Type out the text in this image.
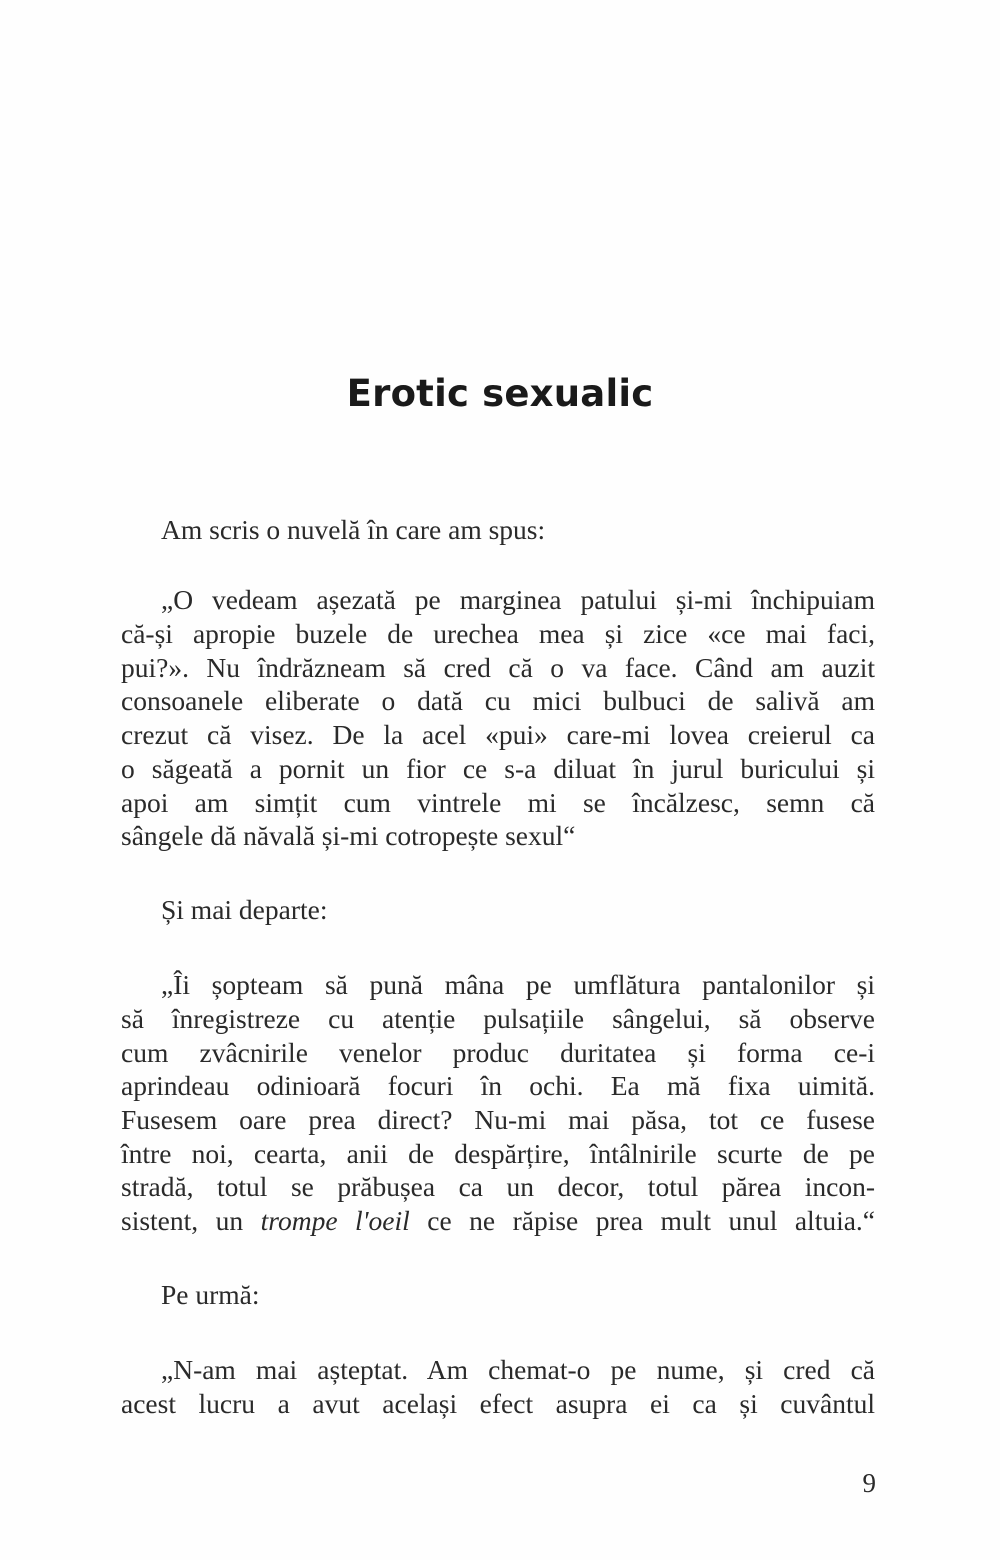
Erotic sexualic
Am scris o nuvelă în care am spus:
„O vedeam așezată pe marginea patului și-mi închipuiam
că-și apropie buzele de urechea mea și zice «ce mai faci,
pui?». Nu îndrăzneam să cred că o va face. Când am auzit
consoanele eliberate o dată cu mici bulbuci de salivă am
crezut că visez. De la acel «pui» care-mi lovea creierul ca
o săgeată a pornit un fior ce s-a diluat în jurul buricului și
apoi am simțit cum vintrele mi se încălzesc, semn că
sângele dă năvală și-mi cotropește sexul“
Și mai departe:
„Îi șopteam să pună mâna pe umflătura pantalonilor și
să înregistreze cu atenție pulsațiile sângelui, să observe
cum zvâcnirile venelor produc duritatea și forma ce-i
aprindeau odinioară focuri în ochi. Ea mă fixa uimită.
Fusesem oare prea direct? Nu-mi mai păsa, tot ce fusese
între noi, cearta, anii de despărțire, întâlnirile scurte de pe
stradă, totul se prăbușea ca un decor, totul părea incon-
sistent, un trompe l'oeil ce ne răpise prea mult unul altuia.“
Pe urmă:
„N-am mai așteptat. Am chemat-o pe nume, și cred că
acest lucru a avut același efect asupra ei ca și cuvântul
9
